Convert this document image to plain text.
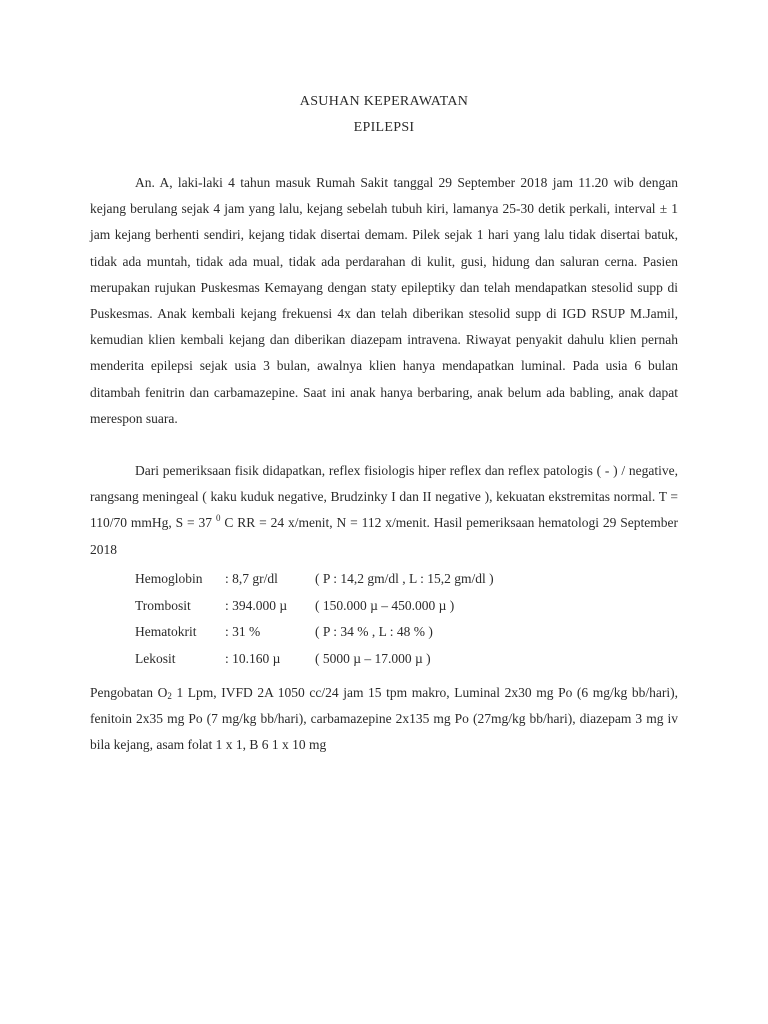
ASUHAN KEPERAWATAN
EPILEPSI
An. A, laki-laki 4 tahun masuk Rumah Sakit tanggal 29 September 2018 jam 11.20 wib dengan kejang berulang sejak 4 jam yang lalu, kejang sebelah tubuh kiri, lamanya 25-30 detik perkali, interval ± 1 jam kejang berhenti sendiri, kejang tidak disertai demam. Pilek sejak 1 hari yang lalu tidak disertai batuk, tidak ada muntah, tidak ada mual, tidak ada perdarahan di kulit, gusi, hidung dan saluran cerna. Pasien merupakan rujukan Puskesmas Kemayang dengan staty epileptiky dan telah mendapatkan stesolid supp di Puskesmas. Anak kembali kejang frekuensi 4x dan telah diberikan stesolid supp di IGD RSUP M.Jamil, kemudian klien kembali kejang dan diberikan diazepam intravena. Riwayat penyakit dahulu klien pernah menderita epilepsi sejak usia 3 bulan, awalnya klien hanya mendapatkan luminal. Pada usia 6 bulan ditambah fenitrin dan carbamazepine. Saat ini anak hanya berbaring, anak belum ada babling, anak dapat merespon suara.
Dari pemeriksaan fisik didapatkan, reflex fisiologis hiper reflex dan reflex patologis ( - ) / negative, rangsang meningeal ( kaku kuduk negative, Brudzinky I dan II negative ), kekuatan ekstremitas normal. T = 110/70 mmHg, S = 37 $^0$ C RR = 24 x/menit, N = 112 x/menit. Hasil pemeriksaan hematologi 29 September 2018
Hemoglobin	: 8,7 gr/dl	( P : 14,2 gm/dl , L : 15,2 gm/dl )
Trombosit	: 394.000 µ	( 150.000 µ – 450.000 µ )
Hematokrit	: 31 %	( P : 34 % , L : 48 % )
Lekosit	: 10.160 µ	( 5000 µ – 17.000 µ )
Pengobatan $O_2$ 1 Lpm, IVFD 2A 1050 cc/24 jam 15 tpm makro, Luminal 2x30 mg Po (6 mg/kg bb/hari), fenitoin 2x35 mg Po (7 mg/kg bb/hari), carbamazepine 2x135 mg Po (27mg/kg bb/hari), diazepam 3 mg iv bila kejang, asam folat 1 x 1, B 6 1 x 10 mg
